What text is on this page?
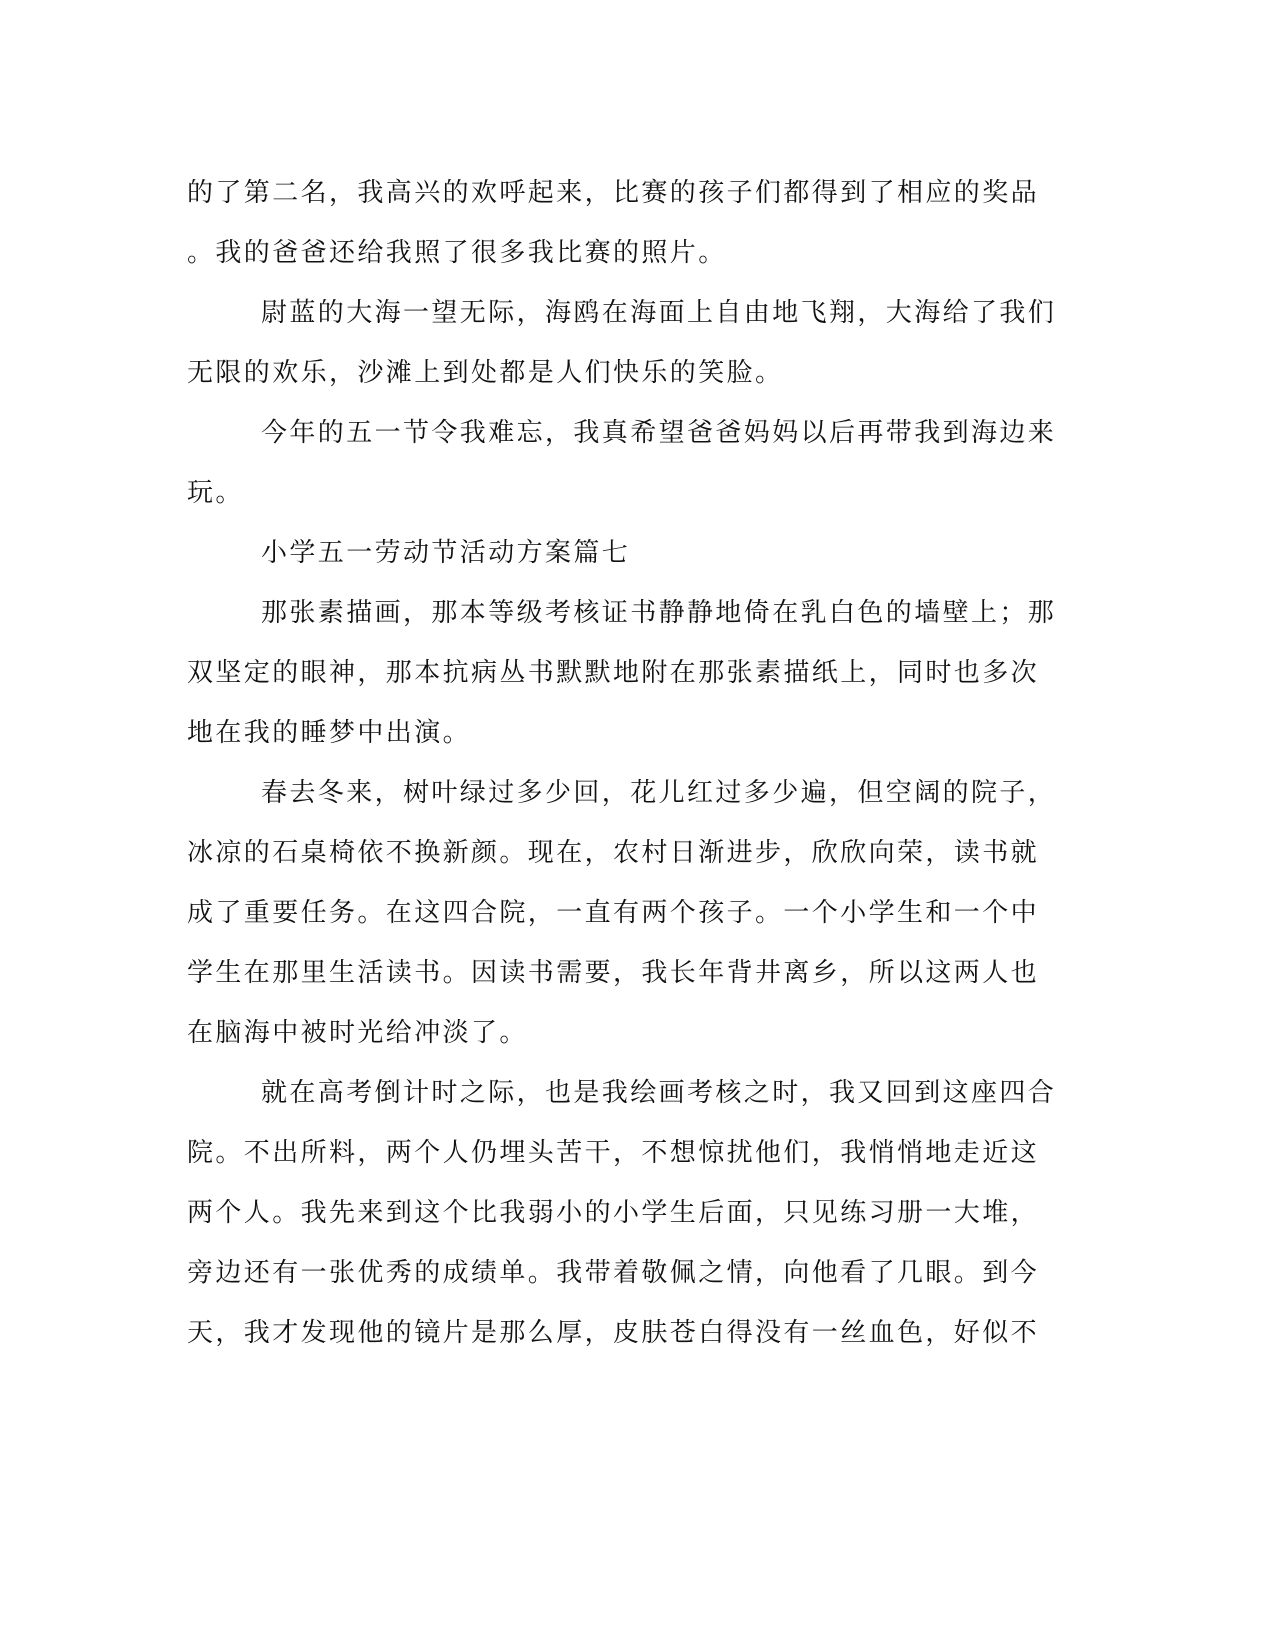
的了第二名，我高兴的欢呼起来，比赛的孩子们都得到了相应的奖品
。我的爸爸还给我照了很多我比赛的照片。
尉蓝的大海一望无际，海鸥在海面上自由地飞翔，大海给了我们
无限的欢乐，沙滩上到处都是人们快乐的笑脸。
今年的五一节令我难忘，我真希望爸爸妈妈以后再带我到海边来
玩。
小学五一劳动节活动方案篇七
那张素描画，那本等级考核证书静静地倚在乳白色的墙壁上；那
双坚定的眼神，那本抗病丛书默默地附在那张素描纸上，同时也多次
地在我的睡梦中出演。
春去冬来，树叶绿过多少回，花儿红过多少遍，但空阔的院子，
冰凉的石桌椅依不换新颜。现在，农村日渐进步，欣欣向荣，读书就
成了重要任务。在这四合院，一直有两个孩子。一个小学生和一个中
学生在那里生活读书。因读书需要，我长年背井离乡，所以这两人也
在脑海中被时光给冲淡了。
就在高考倒计时之际，也是我绘画考核之时，我又回到这座四合
院。不出所料，两个人仍埋头苦干，不想惊扰他们，我悄悄地走近这
两个人。我先来到这个比我弱小的小学生后面，只见练习册一大堆，
旁边还有一张优秀的成绩单。我带着敬佩之情，向他看了几眼。到今
天，我才发现他的镜片是那么厚，皮肤苍白得没有一丝血色，好似不
